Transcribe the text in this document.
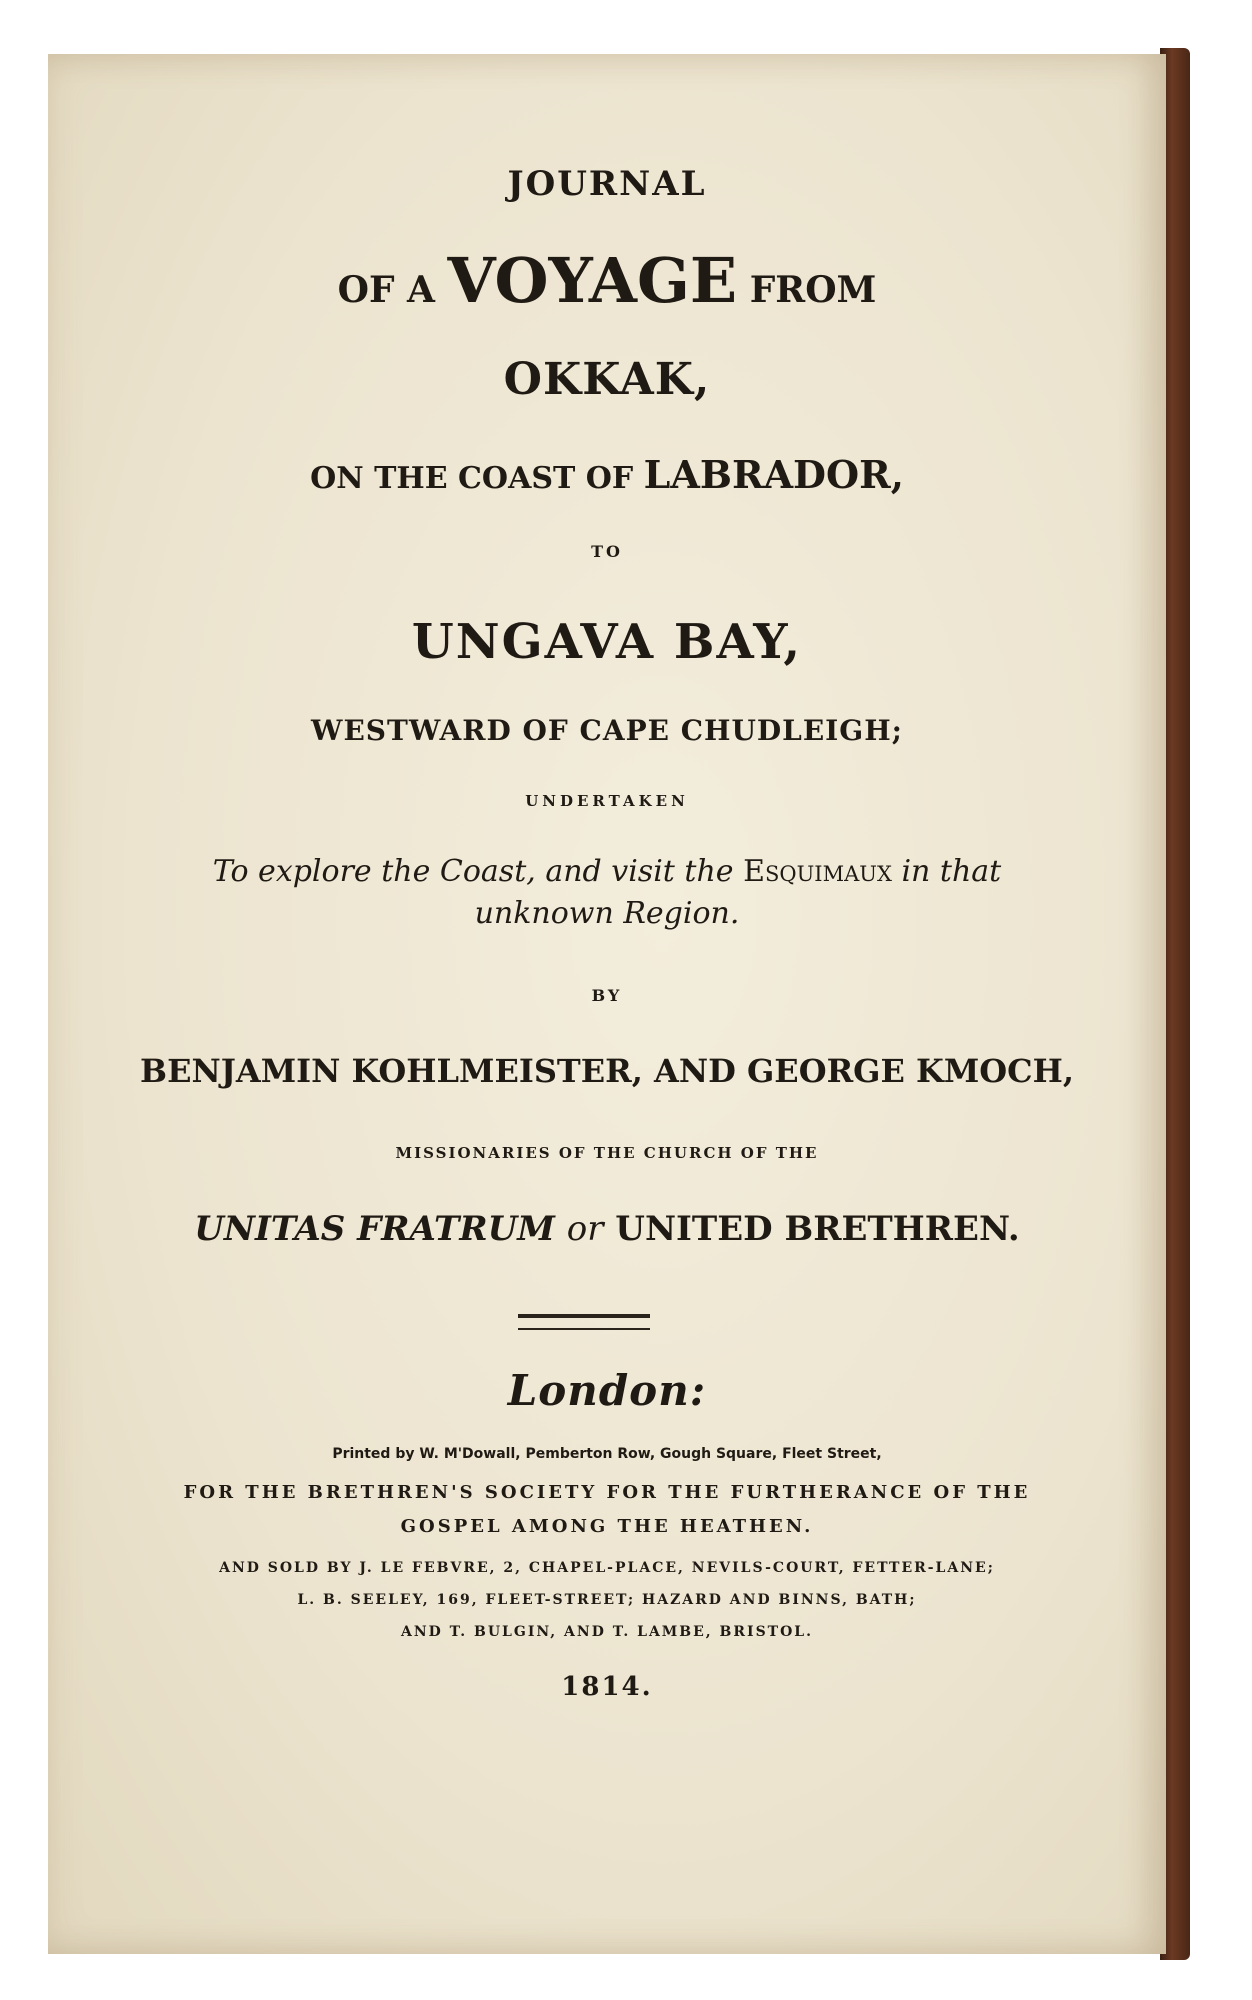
JOURNAL
OF A VOYAGE FROM
OKKAK,
ON THE COAST OF LABRADOR,
TO
UNGAVA BAY,
WESTWARD OF CAPE CHUDLEIGH;
UNDERTAKEN
To explore the Coast, and visit the Esquimaux in that
unknown Region.
BY
BENJAMIN KOHLMEISTER, AND GEORGE KMOCH,
MISSIONARIES OF THE CHURCH OF THE
UNITAS FRATRUM or UNITED BRETHREN.
London:
Printed by W. M'Dowall, Pemberton Row, Gough Square, Fleet Street,
FOR THE BRETHREN'S SOCIETY FOR THE FURTHERANCE OF THE
GOSPEL AMONG THE HEATHEN.
AND SOLD BY J. LE FEBVRE, 2, CHAPEL-PLACE, NEVILS-COURT, FETTER-LANE;
L. B. SEELEY, 169, FLEET-STREET; HAZARD AND BINNS, BATH;
AND T. BULGIN, AND T. LAMBE, BRISTOL.
1814.
